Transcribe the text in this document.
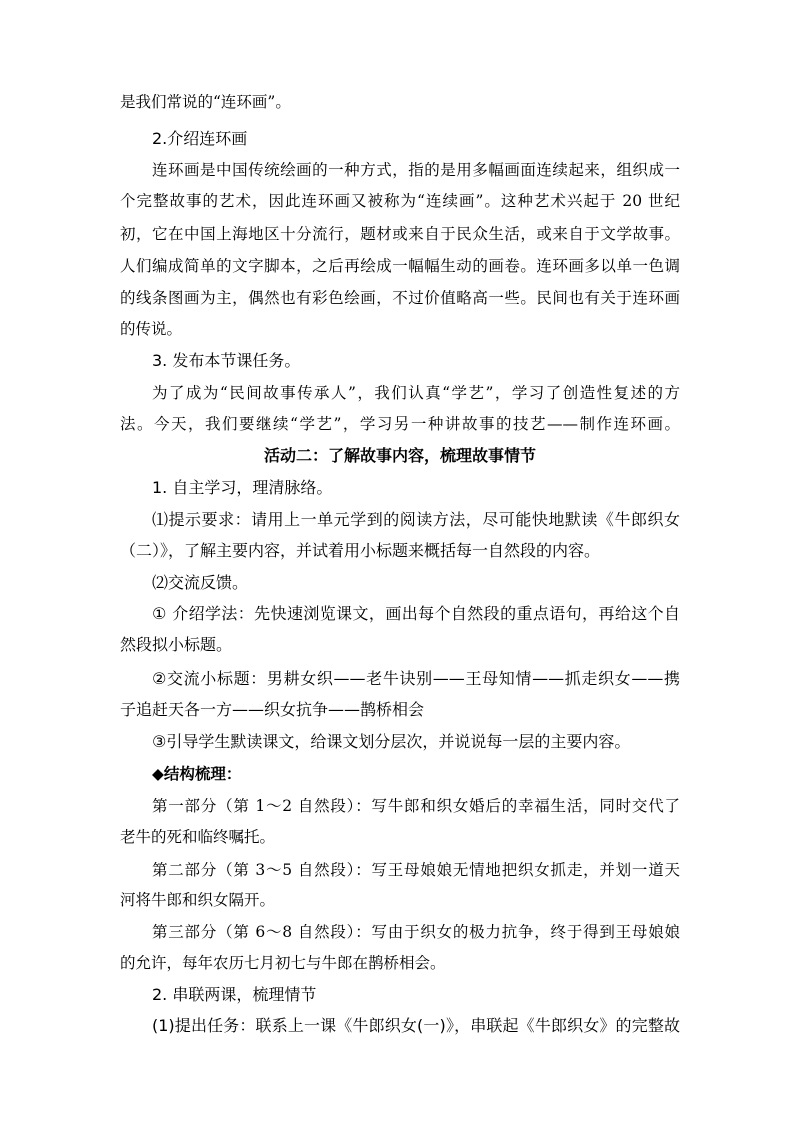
是我们常说的“连环画”。
2.介绍连环画
连环画是中国传统绘画的一种方式，指的是用多幅画面连续起来，组织成一
个完整故事的艺术，因此连环画又被称为“连续画”。这种艺术兴起于 20 世纪
初，它在中国上海地区十分流行，题材或来自于民众生活，或来自于文学故事。
人们编成简单的文字脚本，之后再绘成一幅幅生动的画卷。连环画多以单一色调
的线条图画为主，偶然也有彩色绘画，不过价值略高一些。民间也有关于连环画
的传说。
3. 发布本节课任务。
为了成为“民间故事传承人”，我们认真“学艺”，学习了创造性复述的方
法。今天，我们要继续“学艺”，学习另一种讲故事的技艺——制作连环画。
活动二：了解故事内容，梳理故事情节
1. 自主学习，理清脉络。
⑴提示要求：请用上一单元学到的阅读方法，尽可能快地默读《牛郎织女
（二）》，了解主要内容，并试着用小标题来概括每一自然段的内容。
⑵交流反馈。
① 介绍学法：先快速浏览课文，画出每个自然段的重点语句，再给这个自
然段拟小标题。
②交流小标题：男耕女织——老牛诀别——王母知情——抓走织女——携
子追赶天各一方——织女抗争——鹊桥相会
③引导学生默读课文，给课文划分层次，并说说每一层的主要内容。
◆结构梳理：
第一部分（第 1～2 自然段）：写牛郎和织女婚后的幸福生活，同时交代了
老牛的死和临终嘱托。
第二部分（第 3～5 自然段）：写王母娘娘无情地把织女抓走，并划一道天
河将牛郎和织女隔开。
第三部分（第 6～8 自然段）：写由于织女的极力抗争，终于得到王母娘娘
的允许，每年农历七月初七与牛郎在鹊桥相会。
2. 串联两课，梳理情节
(1)提出任务：联系上一课《牛郎织女(一)》，串联起《牛郎织女》的完整故
